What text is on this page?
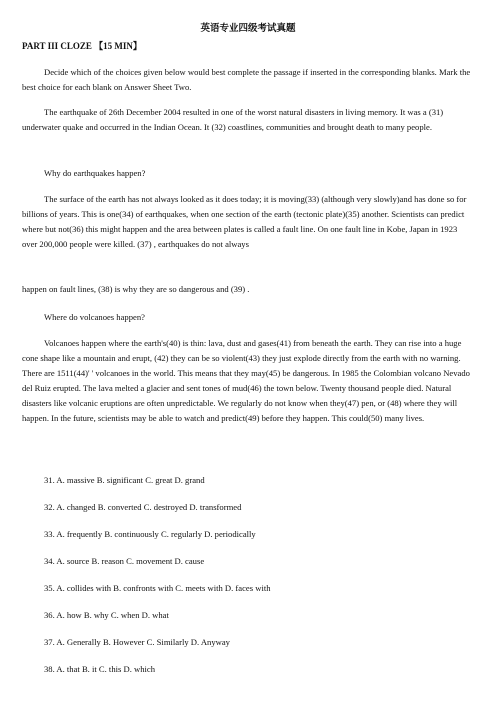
英语专业四级考试真题
PART III CLOZE 【15 MIN】

Decide which of the choices given below would best complete the passage if inserted in the corresponding blanks. Mark the best choice for each blank on Answer Sheet Two.

The earthquake of 26th December 2004 resulted in one of the worst natural disasters in living memory. It was a (31) underwater quake and occurred in the Indian Ocean. It (32) coastlines, communities and brought death to many people.

Why do earthquakes happen?

The surface of the earth has not always looked as it does today; it is moving(33) (although very slowly)and has done so for billions of years. This is one(34) of earthquakes, when one section of the earth (tectonic plate)(35) another. Scientists can predict where but not(36) this might happen and the area between plates is called a fault line. On one fault line in Kobe, Japan in 1923 over 200,000 people were killed. (37) , earthquakes do not always

happen on fault lines, (38) is why they are so dangerous and (39) .

Where do volcanoes happen?

Volcanoes happen where the earth's(40) is thin: lava, dust and gases(41) from beneath the earth. They can rise into a huge cone shape like a mountain and erupt, (42) they can be so violent(43) they just explode directly from the earth with no warning. There are 1511(44)' ' volcanoes in the world. This means that they may(45) be dangerous. In 1985 the Colombian volcano Nevado del Ruiz erupted. The lava melted a glacier and sent tones of mud(46) the town below. Twenty thousand people died. Natural disasters like volcanic eruptions are often unpredictable. We regularly do not know when they(47) pen, or (48) where they will happen. In the future, scientists may be able to watch and predict(49) before they happen. This could(50) many lives.

31. A. massive B. significant C. great D. grand
32. A. changed B. converted C. destroyed D. transformed
33. A. frequently B. continuously C. regularly D. periodically
34. A. source B. reason C. movement D. cause
35. A. collides with B. confronts with C. meets with D. faces with
36. A. how B. why C. when D. what
37. A. Generally B. However C. Similarly D. Anyway
38. A. that B. it C. this D. which
